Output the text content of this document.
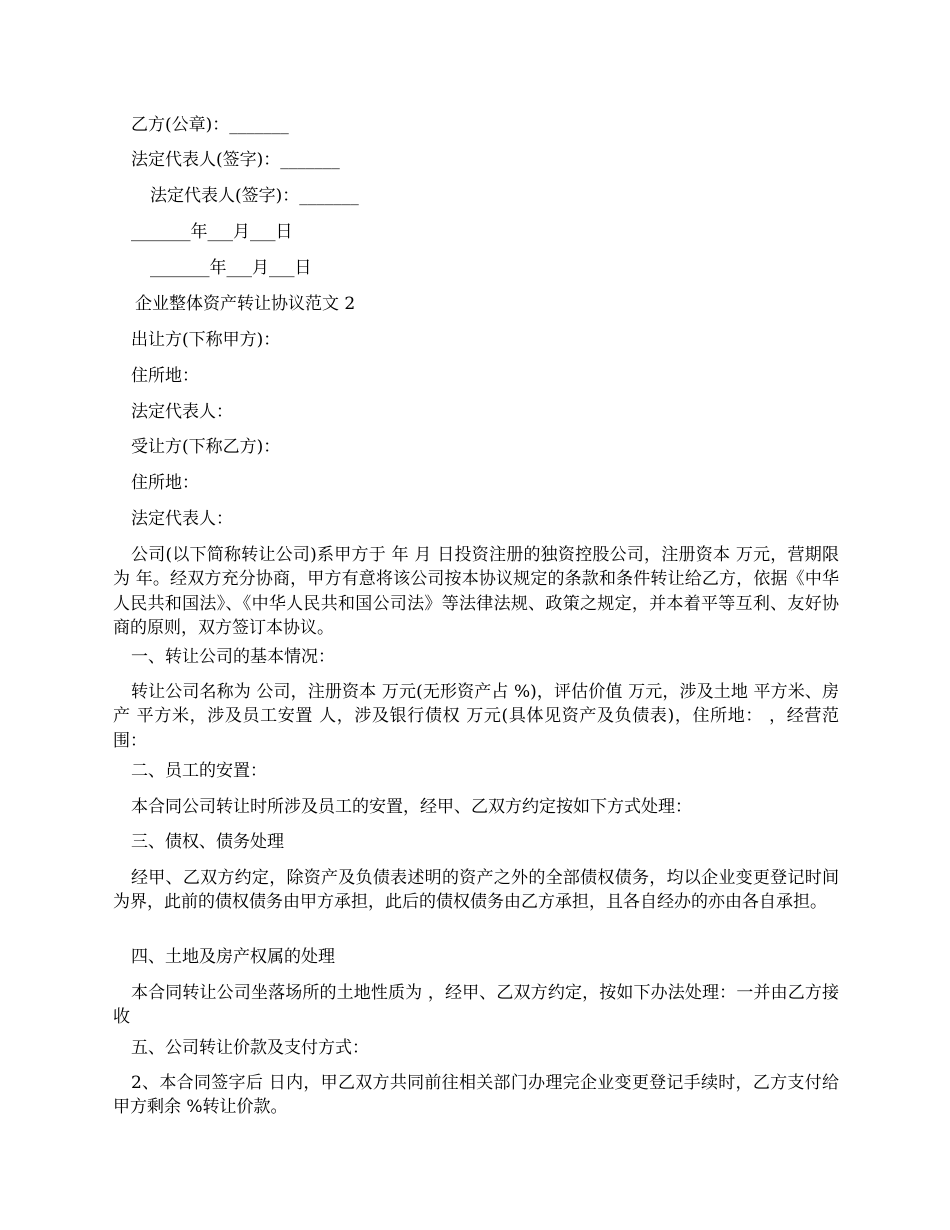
乙方(公章)：_______

法定代表人(签字)：_______

法定代表人(签字)：_______

_______年___月___日

_______年___月___日

企业整体资产转让协议范文 2

出让方(下称甲方)：

住所地：

法定代表人：

受让方(下称乙方)：

住所地：

法定代表人：

公司(以下简称转让公司)系甲方于 年 月 日投资注册的独资控股公司，注册资本 万元，营期限为 年。经双方充分协商，甲方有意将该公司按本协议规定的条款和条件转让给乙方，依据《中华人民共和国法》、《中华人民共和国公司法》等法律法规、政策之规定，并本着平等互利、友好协商的原则，双方签订本协议。

一、转让公司的基本情况：

转让公司名称为 公司，注册资本 万元(无形资产占 %)，评估价值 万元，涉及土地 平方米、房产 平方米，涉及员工安置 人，涉及银行债权 万元(具体见资产及负债表)，住所地： ，经营范围：

二、员工的安置：

本合同公司转让时所涉及员工的安置，经甲、乙双方约定按如下方式处理：

三、债权、债务处理

经甲、乙双方约定，除资产及负债表述明的资产之外的全部债权债务，均以企业变更登记时间为界，此前的债权债务由甲方承担，此后的债权债务由乙方承担，且各自经办的亦由各自承担。

四、土地及房产权属的处理

本合同转让公司坐落场所的土地性质为 ，经甲、乙双方约定，按如下办法处理：一并由乙方接收

五、公司转让价款及支付方式：

2、本合同签字后 日内，甲乙双方共同前往相关部门办理完企业变更登记手续时，乙方支付给甲方剩余 %转让价款。
